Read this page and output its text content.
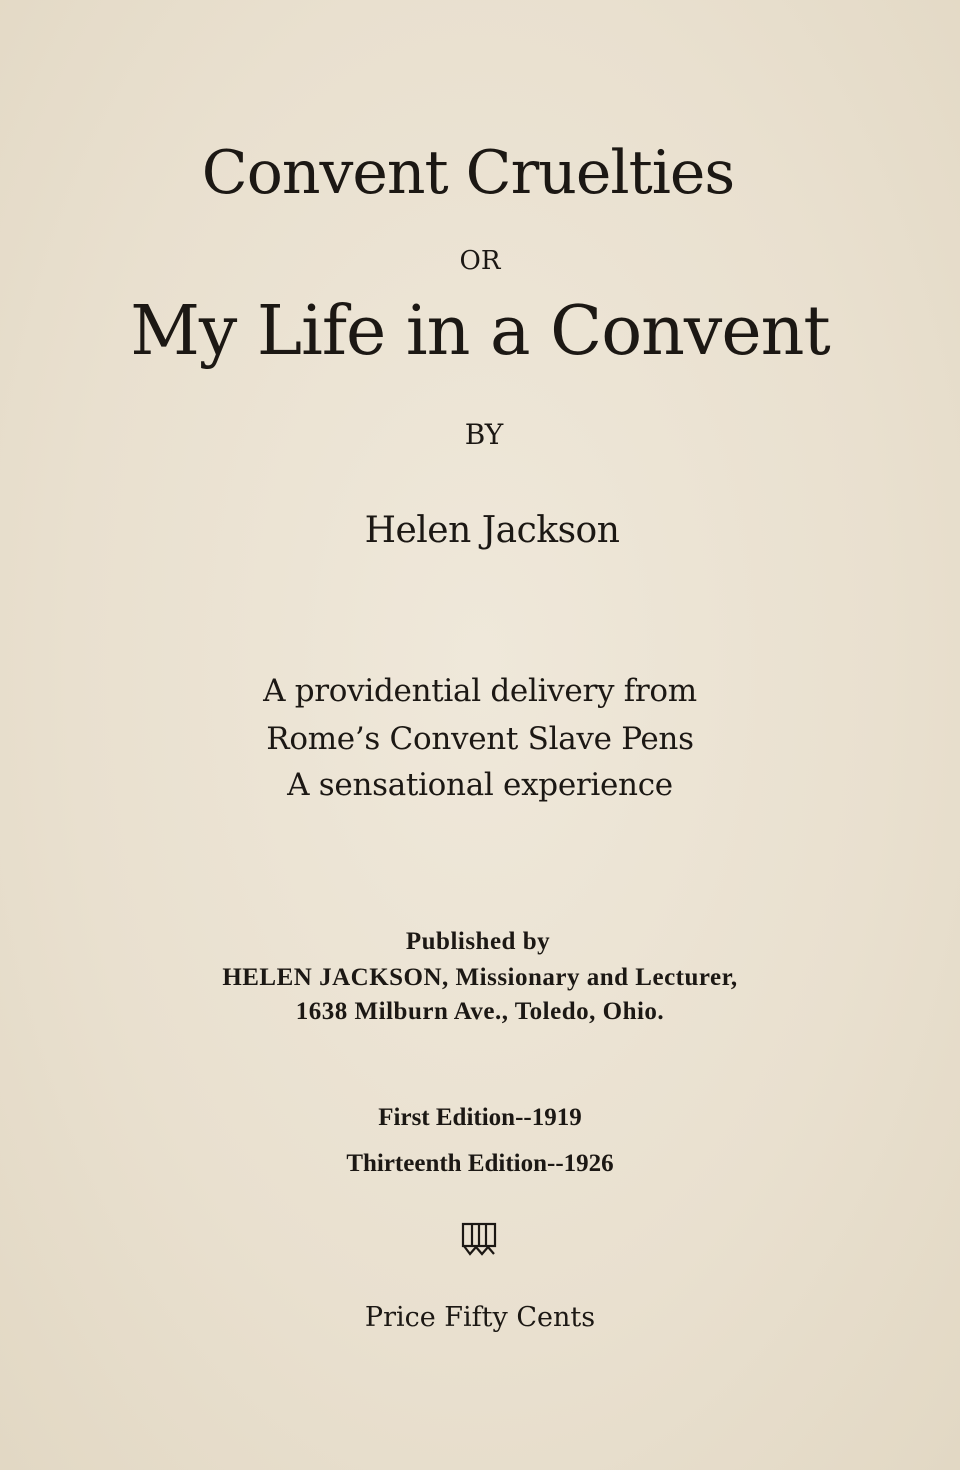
Convent Cruelties
OR
My Life in a Convent
BY
Helen Jackson
A providential delivery from
Rome’s Convent Slave Pens
A sensational experience
Published by
HELEN JACKSON, Missionary and Lecturer,
1638 Milburn Ave., Toledo, Ohio.
First Edition--1919
Thirteenth Edition--1926
Price Fifty Cents
